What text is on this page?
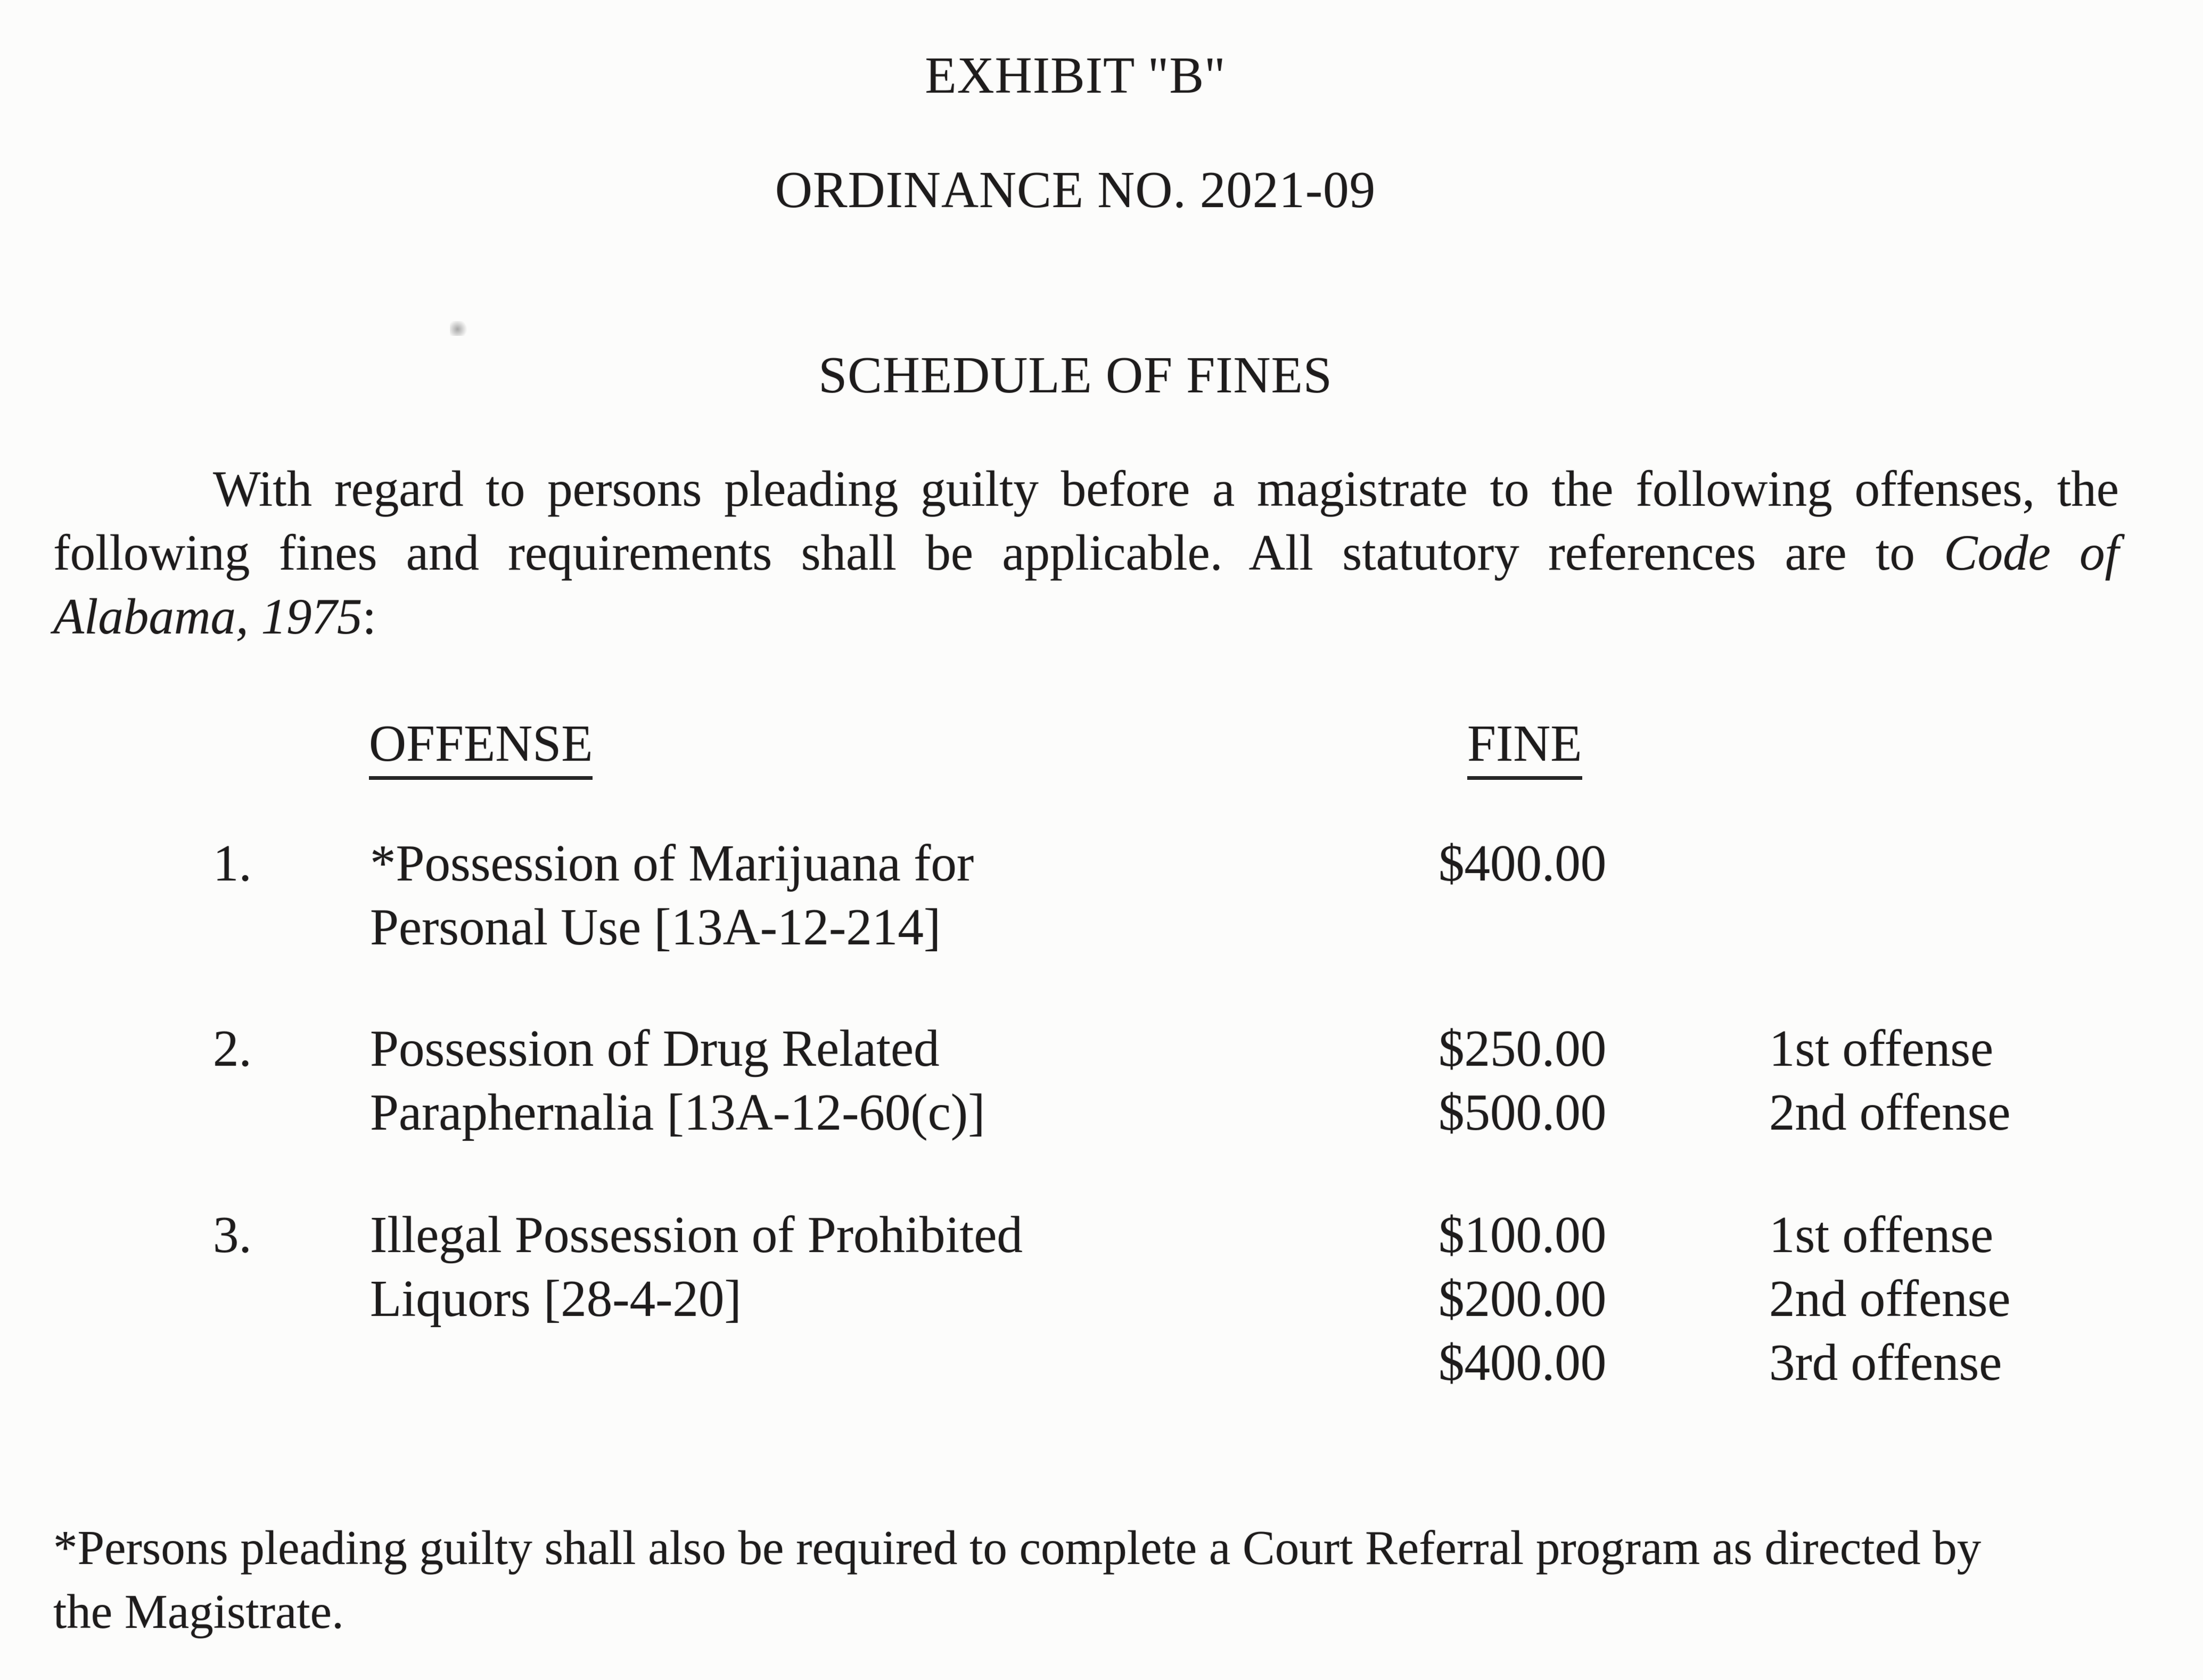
EXHIBIT "B"
ORDINANCE NO. 2021-09
SCHEDULE OF FINES
With regard to persons pleading guilty before a magistrate to the following offenses, the
following fines and requirements shall be applicable. All statutory references are to Code of
Alabama, 1975:
OFFENSE	FINE
1. *Possession of Marijuana for
Personal Use [13A-12-214]
$400.00
2. Possession of Drug Related
Paraphernalia [13A-12-60(c)]
$250.00	1st offense
$500.00	2nd offense
3. Illegal Possession of Prohibited
Liquors [28-4-20]
$100.00	1st offense
$200.00	2nd offense
$400.00	3rd offense
*Persons pleading guilty shall also be required to complete a Court Referral program as directed by
the Magistrate.
